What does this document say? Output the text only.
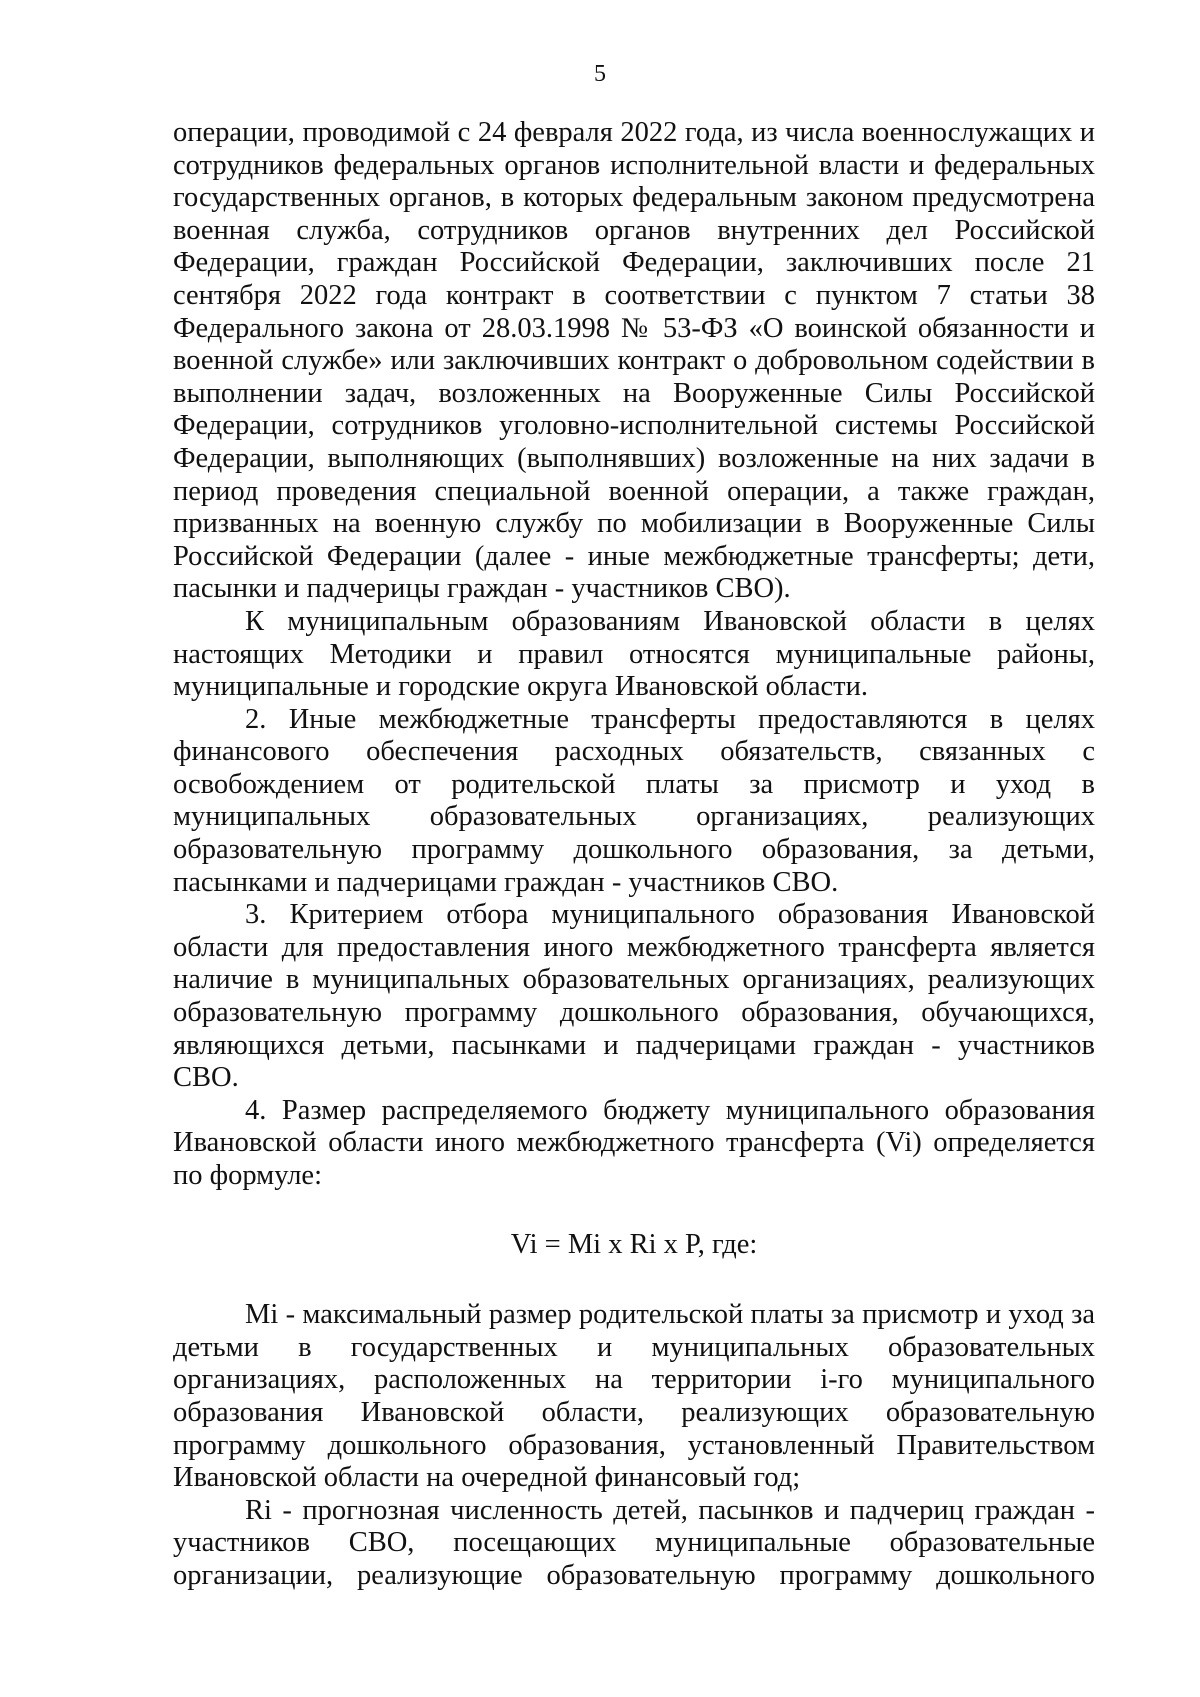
5

операции, проводимой с 24 февраля 2022 года, из числа военнослужащих и сотрудников федеральных органов исполнительной власти и федеральных государственных органов, в которых федеральным законом предусмотрена военная служба, сотрудников органов внутренних дел Российской Федерации, граждан Российской Федерации, заключивших после 21 сентября 2022 года контракт в соответствии с пунктом 7 статьи 38 Федерального закона от 28.03.1998 № 53-ФЗ «О воинской обязанности и военной службе» или заключивших контракт о добровольном содействии в выполнении задач, возложенных на Вооруженные Силы Российской Федерации, сотрудников уголовно-исполнительной системы Российской Федерации, выполняющих (выполнявших) возложенные на них задачи в период проведения специальной военной операции, а также граждан, призванных на военную службу по мобилизации в Вооруженные Силы Российской Федерации (далее - иные межбюджетные трансферты; дети, пасынки и падчерицы граждан - участников СВО).

К муниципальным образованиям Ивановской области в целях настоящих Методики и правил относятся муниципальные районы, муниципальные и городские округа Ивановской области.

2. Иные межбюджетные трансферты предоставляются в целях финансового обеспечения расходных обязательств, связанных с освобождением от родительской платы за присмотр и уход в муниципальных образовательных организациях, реализующих образовательную программу дошкольного образования, за детьми, пасынками и падчерицами граждан - участников СВО.

3. Критерием отбора муниципального образования Ивановской области для предоставления иного межбюджетного трансферта является наличие в муниципальных образовательных организациях, реализующих образовательную программу дошкольного образования, обучающихся, являющихся детьми, пасынками и падчерицами граждан - участников СВО.

4. Размер распределяемого бюджету муниципального образования Ивановской области иного межбюджетного трансферта (Vi) определяется по формуле:

Vi = Mi x Ri x P, где:

Mi - максимальный размер родительской платы за присмотр и уход за детьми в государственных и муниципальных образовательных организациях, расположенных на территории i-го муниципального образования Ивановской области, реализующих образовательную программу дошкольного образования, установленный Правительством Ивановской области на очередной финансовый год;

Ri - прогнозная численность детей, пасынков и падчериц граждан - участников СВО, посещающих муниципальные образовательные организации, реализующие образовательную программу дошкольного
